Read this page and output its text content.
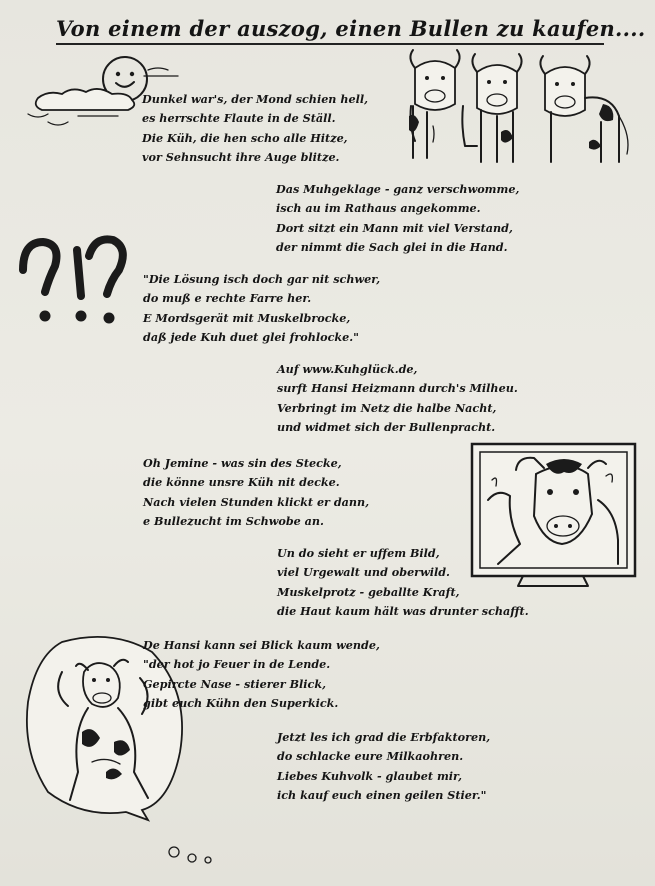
Von einem der auszog, einen Bullen zu kaufen....
Dunkel war's, der Mond schien hell,
es herrschte Flaute in de Ställ.
Die Küh, die hen scho alle Hitze,
vor Sehnsucht ihre Auge blitze.
Das Muhgeklage - ganz verschwomme,
isch au im Rathaus angekomme.
Dort sitzt ein Mann mit viel Verstand,
der nimmt die Sach glei in die Hand.
"Die Lösung isch doch gar nit schwer,
do muß e rechte Farre her.
E Mordsgerät mit Muskelbrocke,
daß jede Kuh duet glei frohlocke."
Auf www.Kuhglück.de,
surft Hansi Heizmann durch's Milheu.
Verbringt im Netz die halbe Nacht,
und widmet sich der Bullenpracht.
Oh Jemine - was sin des Stecke,
die könne unsre Küh nit decke.
Nach vielen Stunden klickt er dann,
e Bullezucht im Schwobe an.
Un do sieht er uffem Bild,
viel Urgewalt und oberwild.
Muskelprotz - geballte Kraft,
die Haut kaum hält was drunter schafft.
De Hansi kann sei Blick kaum wende,
"der hot jo Feuer in de Lende.
Gepircte Nase - stierer Blick,
gibt euch Kühn den Superkick.
Jetzt les ich grad die Erbfaktoren,
do schlacke eure Milkaohren.
Liebes Kuhvolk - glaubet mir,
ich kauf euch einen geilen Stier."
